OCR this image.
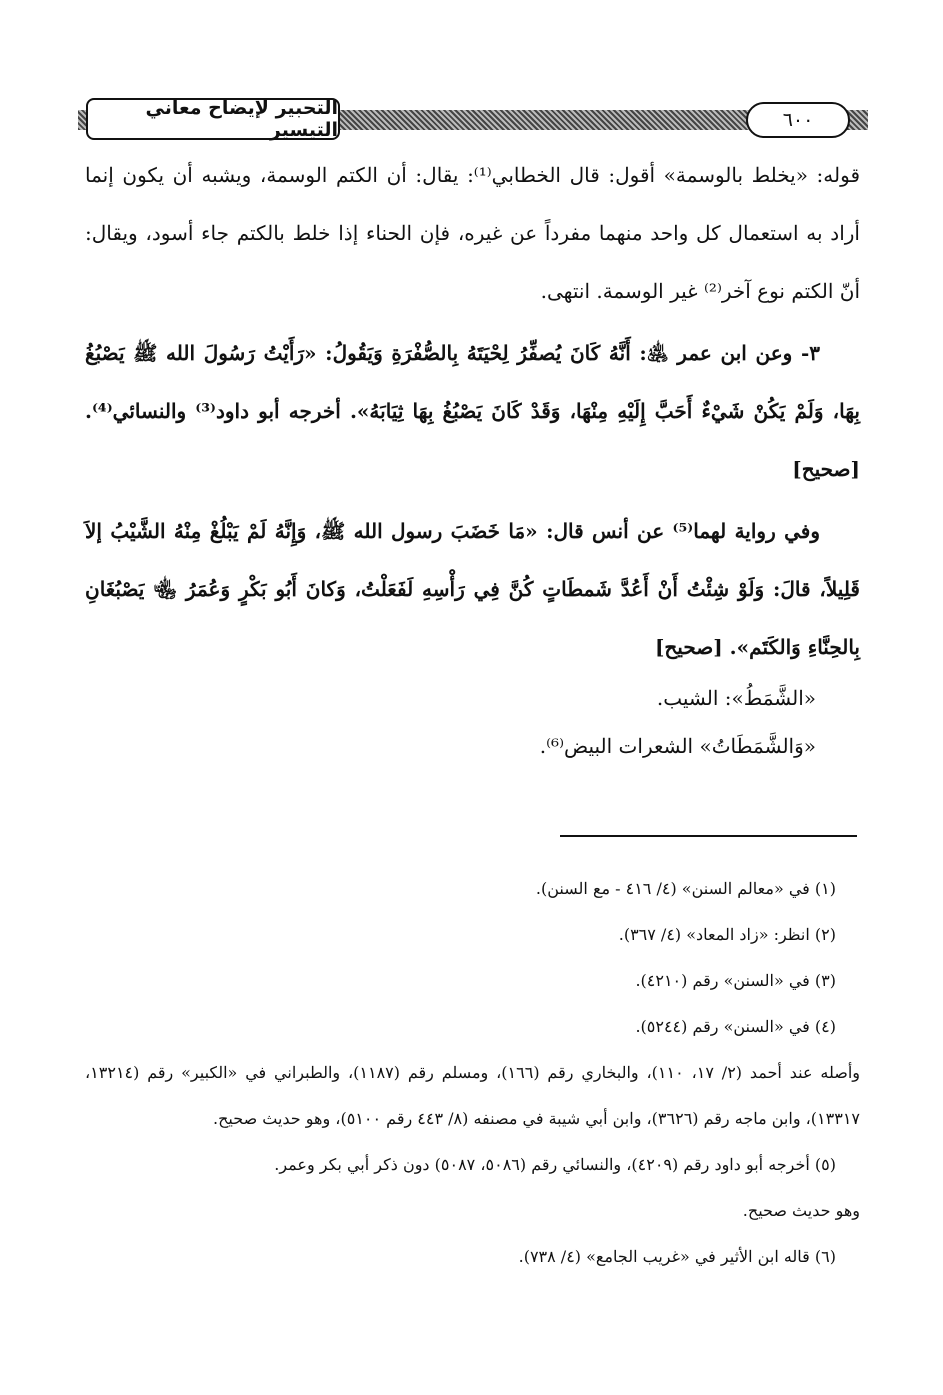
التحبير لإيضاح معاني التيسير	٦٠٠

قوله: «يخلط بالوسمة» أقول: قال الخطابي⁽¹⁾: يقال: أن الكتم الوسمة، ويشبه أن يكون إنما أراد به استعمال كل واحد منهما مفرداً عن غيره، فإن الحناء إذا خلط بالكتم جاء أسود، ويقال: أنّ الكتم نوع آخر⁽²⁾ غير الوسمة. انتهى.

٣- وعن ابن عمر ﵁: أَنَّهُ كَانَ يُصفِّرُ لِحْيَتَهُ بِالصُّفْرَةِ وَيَقُولُ: «رَأَيْتُ رَسُولَ الله ﷺ يَصْبُغُ بِهَا، وَلَمْ يَكُنْ شَيْءٌ أَحَبَّ إِلَيْهِ مِنْهَا، وَقَدْ كَانَ يَصْبُغُ بِهَا ثِيَابَهُ». أخرجه أبو داود⁽³⁾ والنسائي⁽⁴⁾. [صحيح]

وفي رواية لهما⁽⁵⁾ عن أنس قال: «مَا خَضَبَ رسول الله ﷺ، وَإِنَّهُ لَمْ يَبْلُغْ مِنْهُ الشَّيْبُ إلاَ قَلِيلاً، قالَ: وَلَوْ شِئْتُ أَنْ أَعُدَّ شَمطَاتٍ كُنَّ فِي رَأْسِهِ لَفَعَلْتُ، وَكانَ أَبُو بَكْرٍ وَعُمَرُ ﵄ يَصْبُغَانِ بِالحِنَّاءِ وَالكَتَم». [صحيح]

«الشَّمَطُ»: الشيب.

«وَالشَّمَطَاتُ» الشعرات البيض⁽⁶⁾.

(١) في «معالم السنن» (٤/ ٤١٦ - مع السنن).

(٢) انظر: «زاد المعاد» (٤/ ٣٦٧).

(٣) في «السنن» رقم (٤٢١٠).

(٤) في «السنن» رقم (٥٢٤٤).

وأصله عند أحمد (٢/ ١٧، ١١٠)، والبخاري رقم (١٦٦)، ومسلم رقم (١١٨٧)، والطبراني في «الكبير» رقم (١٣٢١٤، ١٣٣١٧)، وابن ماجه رقم (٣٦٢٦)، وابن أبي شيبة في مصنفه (٨/ ٤٤٣ رقم ٥١٠٠)، وهو حديث صحيح.

(٥) أخرجه أبو داود رقم (٤٢٠٩)، والنسائي رقم (٥٠٨٦، ٥٠٨٧) دون ذكر أبي بكر وعمر.

وهو حديث صحيح.

(٦) قاله ابن الأثير في «غريب الجامع» (٤/ ٧٣٨).
